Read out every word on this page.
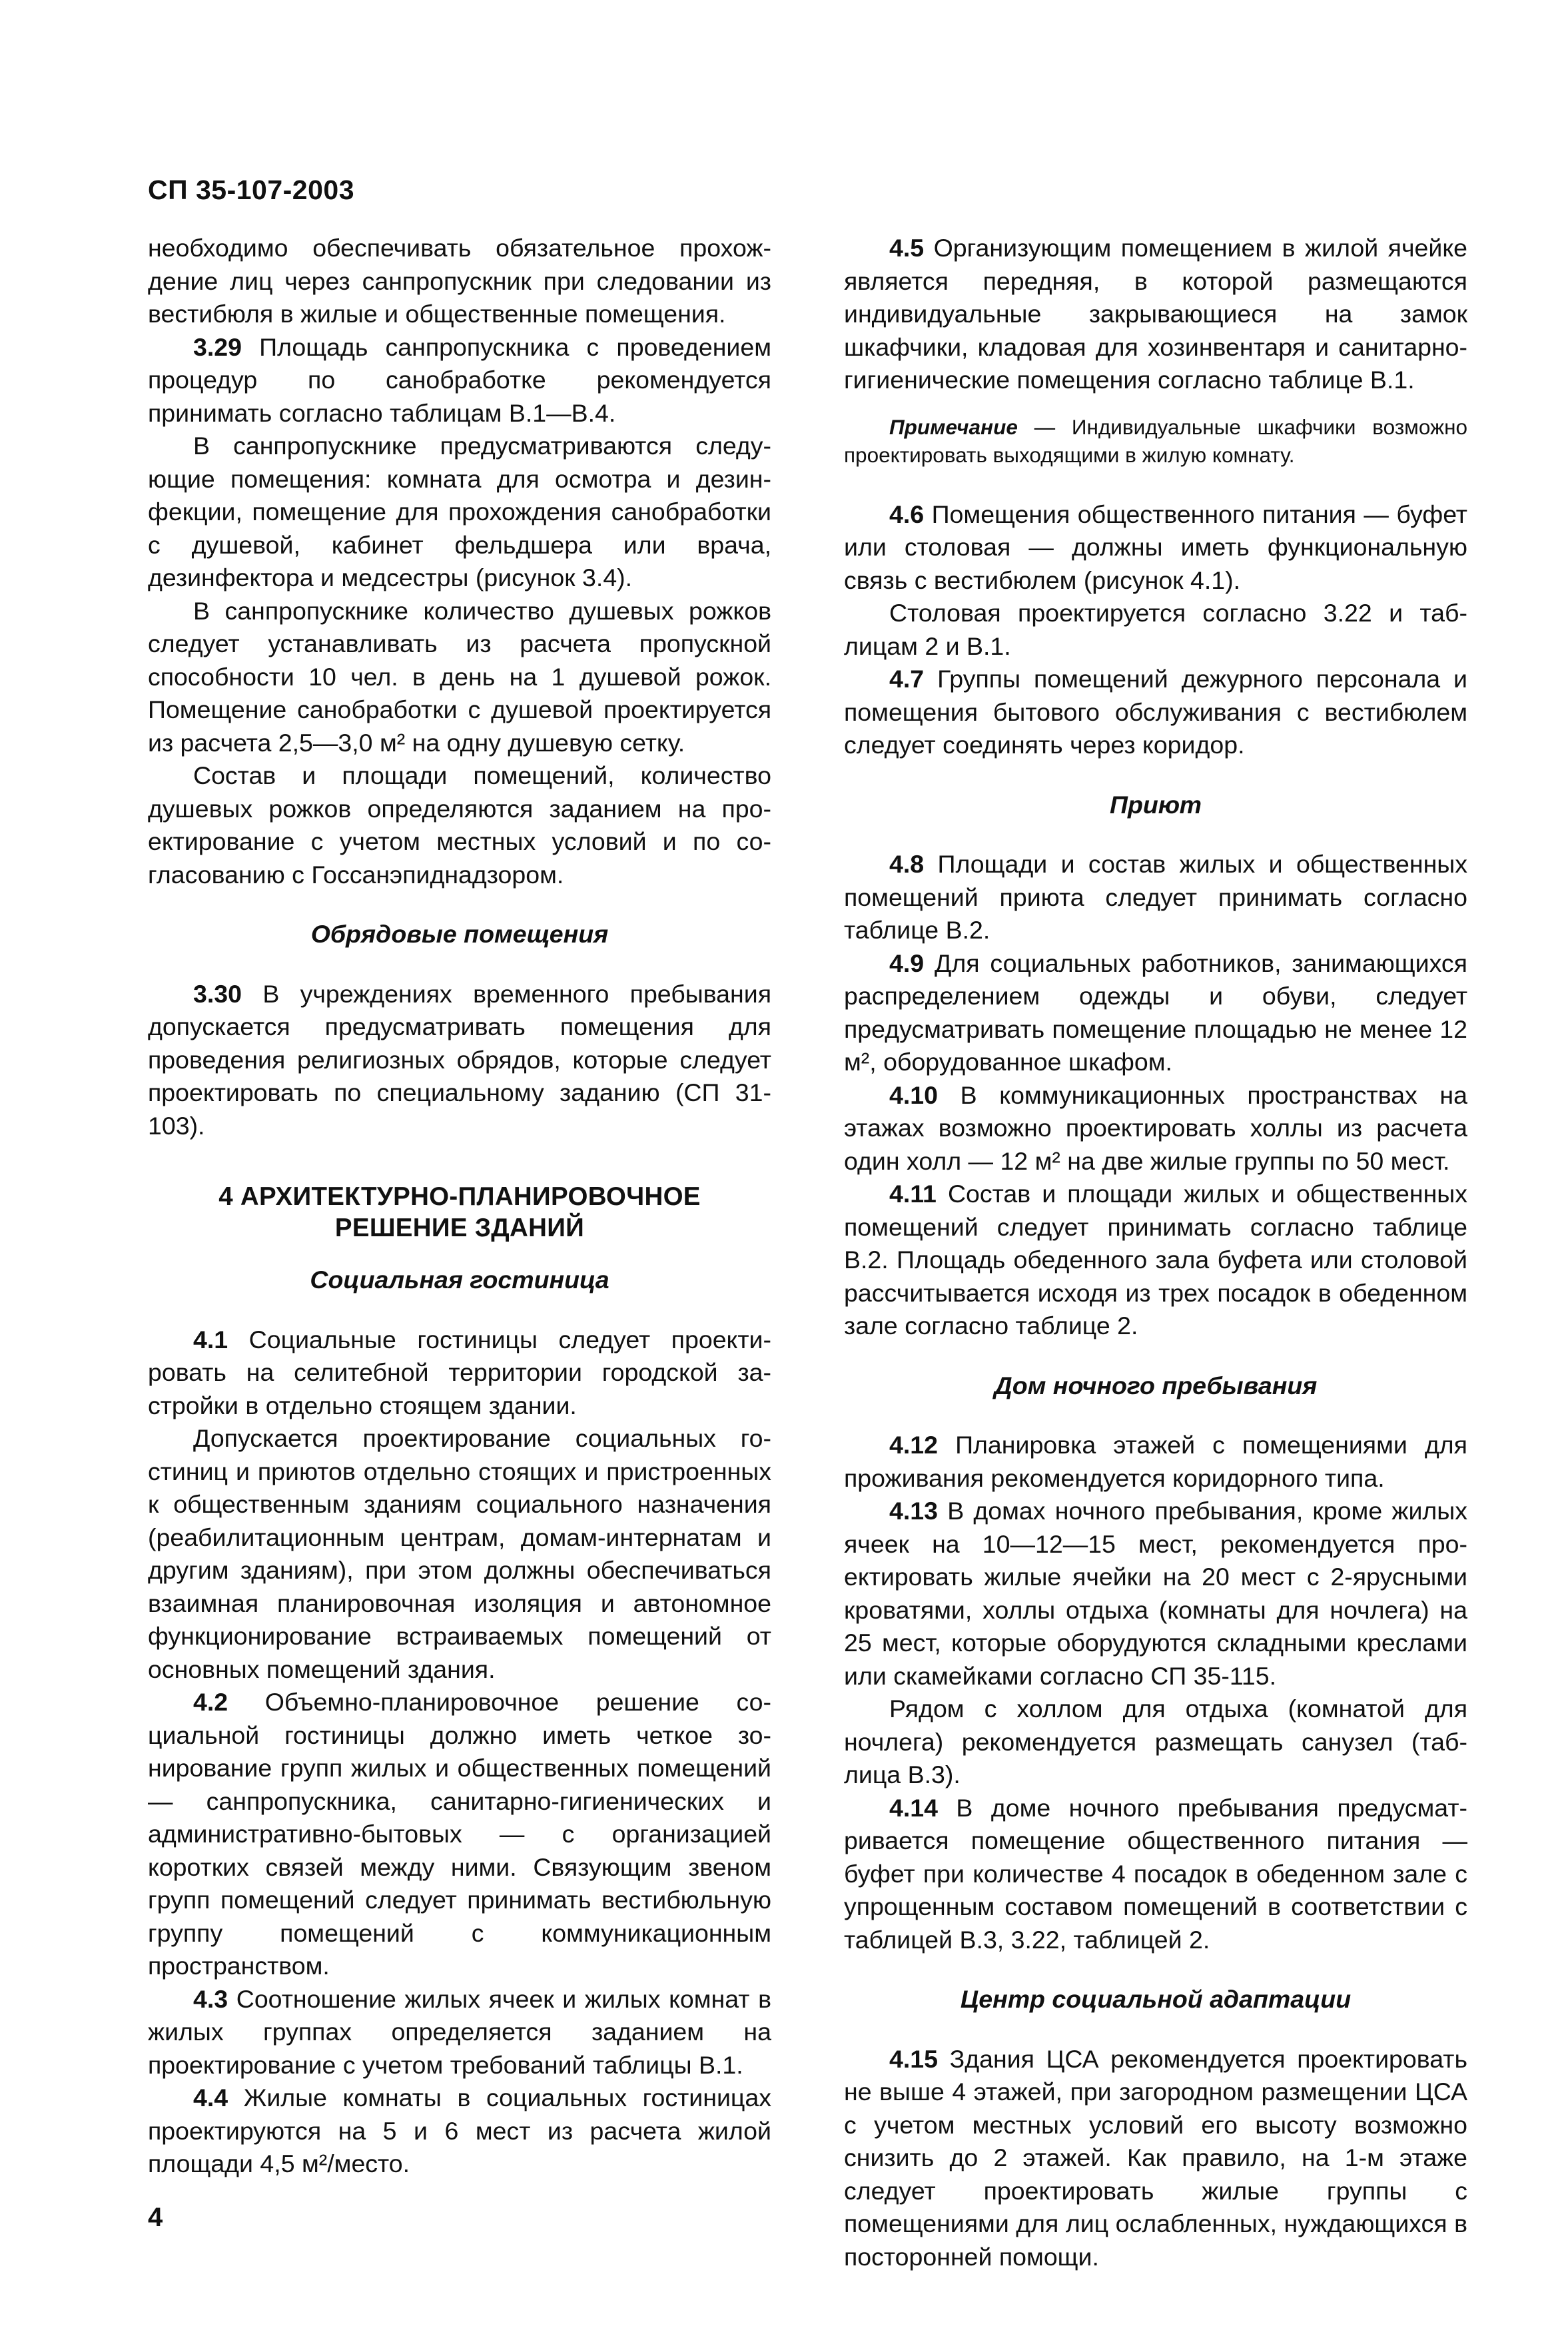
СП 35-107-2003

необходимо обеспечивать обязательное прохождение лиц через санпропускник при следовании из вестибюля в жилые и общественные помещения.

3.29 Площадь санпропускника с проведением процедур по санобработке рекомендуется принимать согласно таблицам В.1—В.4.

В санпропускнике предусматриваются следующие помещения: комната для осмотра и дезинфекции, помещение для прохождения санобработки с душевой, кабинет фельдшера или врача, дезинфектора и медсестры (рисунок 3.4).

В санпропускнике количество душевых рожков следует устанавливать из расчета пропускной способности 10 чел. в день на 1 душевой рожок. Помещение санобработки с душевой проектируется из расчета 2,5—3,0 м² на одну душевую сетку.

Состав и площади помещений, количество душевых рожков определяются заданием на проектирование с учетом местных условий и по согласованию с Госсанэпиднадзором.

Обрядовые помещения

3.30 В учреждениях временного пребывания допускается предусматривать помещения для проведения религиозных обрядов, которые следует проектировать по специальному заданию (СП 31-103).

4 АРХИТЕКТУРНО-ПЛАНИРОВОЧНОЕ
РЕШЕНИЕ ЗДАНИЙ
Социальная гостиница

4.1 Социальные гостиницы следует проектировать на селитебной территории городской застройки в отдельно стоящем здании.

Допускается проектирование социальных гостиниц и приютов отдельно стоящих и пристроенных к общественным зданиям социального назначения (реабилитационным центрам, домам-интернатам и другим зданиям), при этом должны обеспечиваться взаимная планировочная изоляция и автономное функционирование встраиваемых помещений от основных помещений здания.

4.2 Объемно-планировочное решение социальной гостиницы должно иметь четкое зонирование групп жилых и общественных помещений — санпропускника, санитарно-гигиенических и административно-бытовых — с организацией коротких связей между ними. Связующим звеном групп помещений следует принимать вестибюльную группу помещений с коммуникационным пространством.

4.3 Соотношение жилых ячеек и жилых комнат в жилых группах определяется заданием на проектирование с учетом требований таблицы В.1.

4.4 Жилые комнаты в социальных гостиницах проектируются на 5 и 6 мест из расчета жилой площади 4,5 м²/место.

4.5 Организующим помещением в жилой ячейке является передняя, в которой размещаются индивидуальные закрывающиеся на замок шкафчики, кладовая для хозинвентаря и санитарно-гигиенические помещения согласно таблице В.1.

Примечание — Индивидуальные шкафчики возможно проектировать выходящими в жилую комнату.

4.6 Помещения общественного питания — буфет или столовая — должны иметь функциональную связь с вестибюлем (рисунок 4.1).

Столовая проектируется согласно 3.22 и таблицам 2 и В.1.

4.7 Группы помещений дежурного персонала и помещения бытового обслуживания с вестибюлем следует соединять через коридор.

Приют

4.8 Площади и состав жилых и общественных помещений приюта следует принимать согласно таблице В.2.

4.9 Для социальных работников, занимающихся распределением одежды и обуви, следует предусматривать помещение площадью не менее 12 м², оборудованное шкафом.

4.10 В коммуникационных пространствах на этажах возможно проектировать холлы из расчета один холл — 12 м² на две жилые группы по 50 мест.

4.11 Состав и площади жилых и общественных помещений следует принимать согласно таблице В.2. Площадь обеденного зала буфета или столовой рассчитывается исходя из трех посадок в обеденном зале согласно таблице 2.

Дом ночного пребывания

4.12 Планировка этажей с помещениями для проживания рекомендуется коридорного типа.

4.13 В домах ночного пребывания, кроме жилых ячеек на 10—12—15 мест, рекомендуется проектировать жилые ячейки на 20 мест с 2-ярусными кроватями, холлы отдыха (комнаты для ночлега) на 25 мест, которые оборудуются складными креслами или скамейками согласно СП 35-115.

Рядом с холлом для отдыха (комнатой для ночлега) рекомендуется размещать санузел (таблица В.3).

4.14 В доме ночного пребывания предусматривается помещение общественного питания — буфет при количестве 4 посадок в обеденном зале с упрощенным составом помещений в соответствии с таблицей В.3, 3.22, таблицей 2.

Центр социальной адаптации

4.15 Здания ЦСА рекомендуется проектировать не выше 4 этажей, при загородном размещении ЦСА с учетом местных условий его высоту возможно снизить до 2 этажей. Как правило, на 1-м этаже следует проектировать жилые группы с помещениями для лиц ослабленных, нуждающихся в посторонней помощи.

4
